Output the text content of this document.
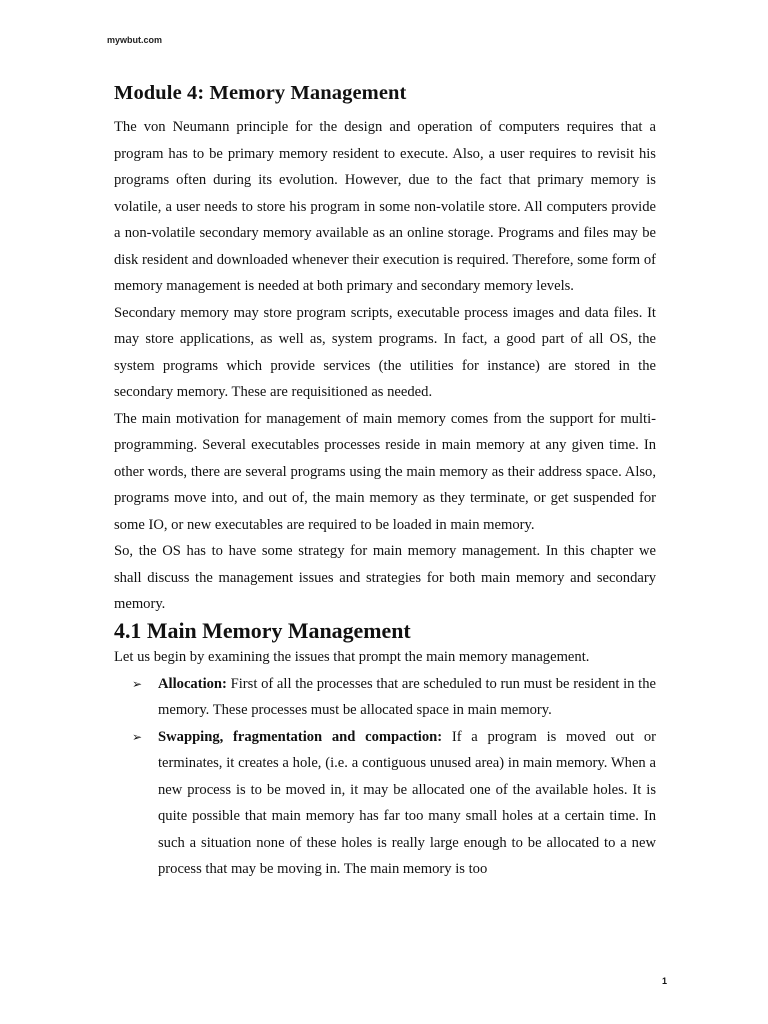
mywbut.com
Module 4: Memory Management

The von Neumann principle for the design and operation of computers requires that a program has to be primary memory resident to execute. Also, a user requires to revisit his programs often during its evolution. However, due to the fact that primary memory is volatile, a user needs to store his program in some non-volatile store. All computers provide a non-volatile secondary memory available as an online storage. Programs and files may be disk resident and downloaded whenever their execution is required. Therefore, some form of memory management is needed at both primary and secondary memory levels.

Secondary memory may store program scripts, executable process images and data files. It may store applications, as well as, system programs. In fact, a good part of all OS, the system programs which provide services (the utilities for instance) are stored in the secondary memory. These are requisitioned as needed.

The main motivation for management of main memory comes from the support for multi-programming. Several executables processes reside in main memory at any given time. In other words, there are several programs using the main memory as their address space. Also, programs move into, and out of, the main memory as they terminate, or get suspended for some IO, or new executables are required to be loaded in main memory.

So, the OS has to have some strategy for main memory management. In this chapter we shall discuss the management issues and strategies for both main memory and secondary memory.

4.1 Main Memory Management

Let us begin by examining the issues that prompt the main memory management.

➢ Allocation: First of all the processes that are scheduled to run must be resident in the memory. These processes must be allocated space in main memory.
➢ Swapping, fragmentation and compaction: If a program is moved out or terminates, it creates a hole, (i.e. a contiguous unused area) in main memory. When a new process is to be moved in, it may be allocated one of the available holes. It is quite possible that main memory has far too many small holes at a certain time. In such a situation none of these holes is really large enough to be allocated to a new process that may be moving in. The main memory is too
1
